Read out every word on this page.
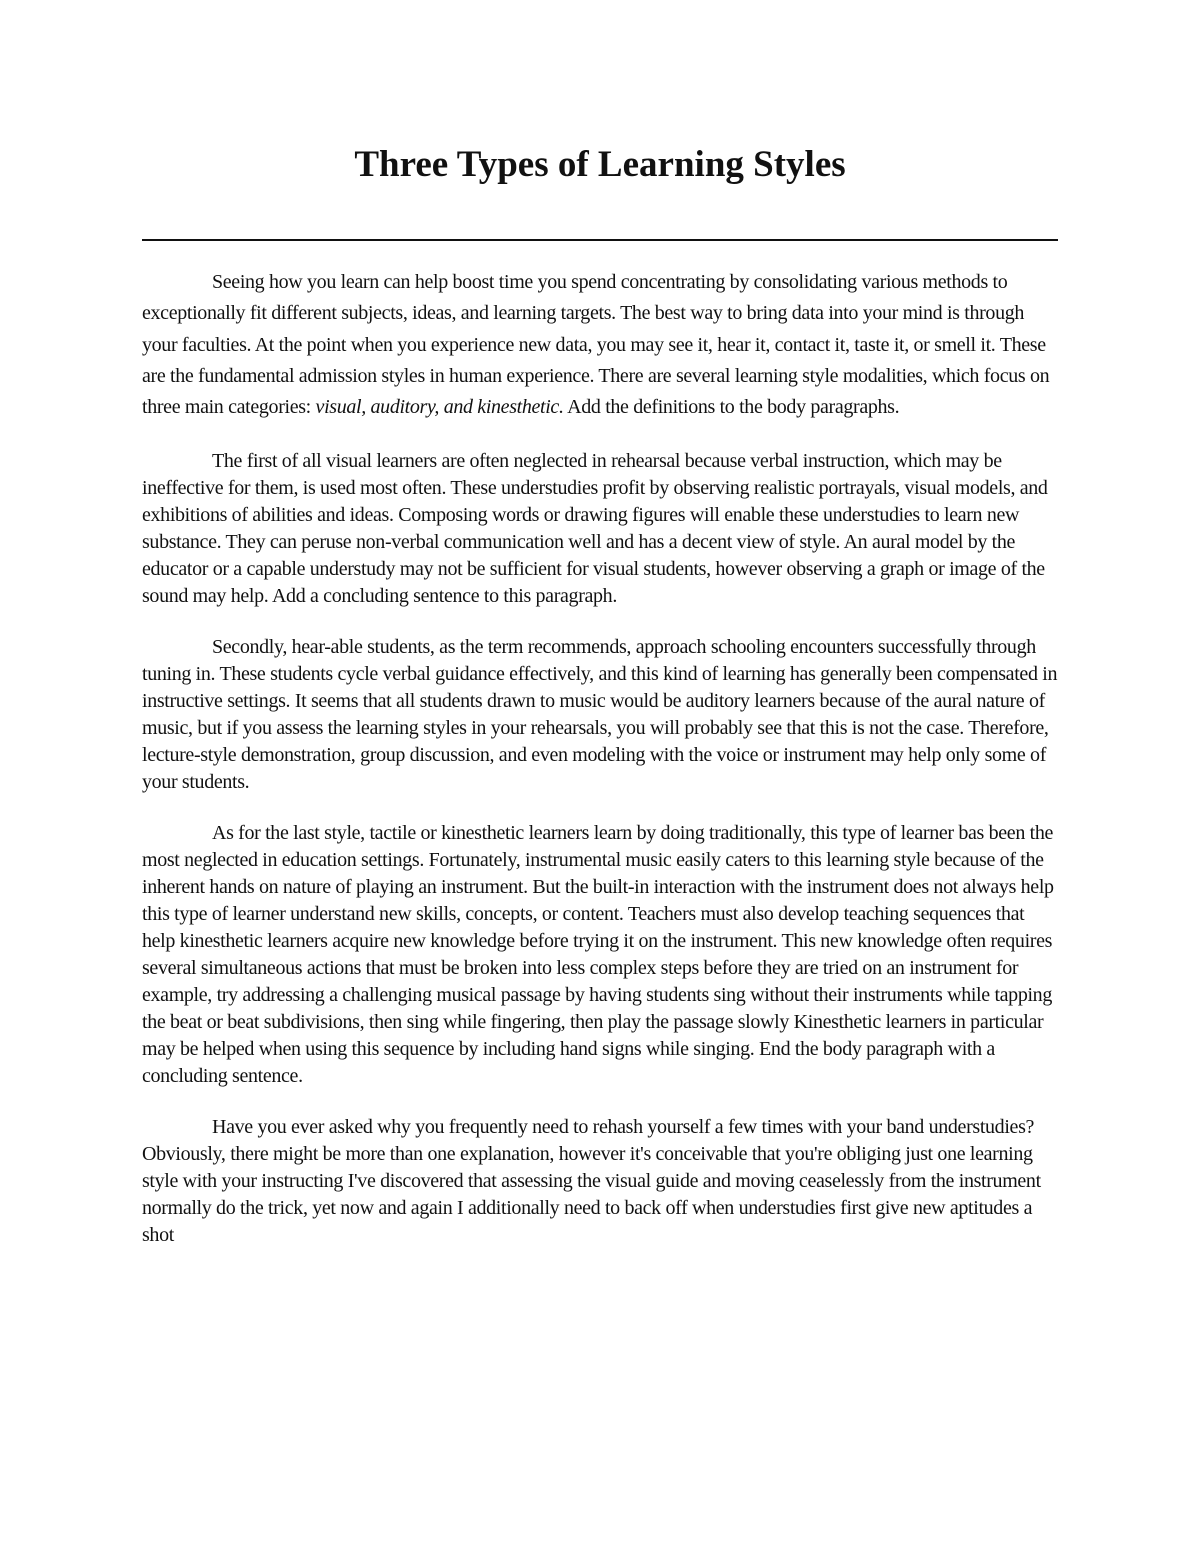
Three Types of Learning Styles

Seeing how you learn can help boost time you spend concentrating by consolidating various methods to exceptionally fit different subjects, ideas, and learning targets. The best way to bring data into your mind is through your faculties. At the point when you experience new data, you may see it, hear it, contact it, taste it, or smell it. These are the fundamental admission styles in human experience. There are several learning style modalities, which focus on three main categories: visual, auditory, and kinesthetic. Add the definitions to the body paragraphs.

The first of all visual learners are often neglected in rehearsal because verbal instruction, which may be ineffective for them, is used most often. These understudies profit by observing realistic portrayals, visual models, and exhibitions of abilities and ideas. Composing words or drawing figures will enable these understudies to learn new substance. They can peruse non-verbal communication well and has a decent view of style. An aural model by the educator or a capable understudy may not be sufficient for visual students, however observing a graph or image of the sound may help. Add a concluding sentence to this paragraph.

Secondly, hear-able students, as the term recommends, approach schooling encounters successfully through tuning in. These students cycle verbal guidance effectively, and this kind of learning has generally been compensated in instructive settings. It seems that all students drawn to music would be auditory learners because of the aural nature of music, but if you assess the learning styles in your rehearsals, you will probably see that this is not the case. Therefore, lecture-style demonstration, group discussion, and even modeling with the voice or instrument may help only some of your students.

As for the last style, tactile or kinesthetic learners learn by doing traditionally, this type of learner bas been the most neglected in education settings. Fortunately, instrumental music easily caters to this learning style because of the inherent hands on nature of playing an instrument. But the built-in interaction with the instrument does not always help this type of learner understand new skills, concepts, or content. Teachers must also develop teaching sequences that help kinesthetic learners acquire new knowledge before trying it on the instrument. This new knowledge often requires several simultaneous actions that must be broken into less complex steps before they are tried on an instrument for example, try addressing a challenging musical passage by having students sing without their instruments while tapping the beat or beat subdivisions, then sing while fingering, then play the passage slowly Kinesthetic learners in particular may be helped when using this sequence by including hand signs while singing. End the body paragraph with a concluding sentence.

Have you ever asked why you frequently need to rehash yourself a few times with your band understudies? Obviously, there might be more than one explanation, however it's conceivable that you're obliging just one learning style with your instructing I've discovered that assessing the visual guide and moving ceaselessly from the instrument normally do the trick, yet now and again I additionally need to back off when understudies first give new aptitudes a shot
